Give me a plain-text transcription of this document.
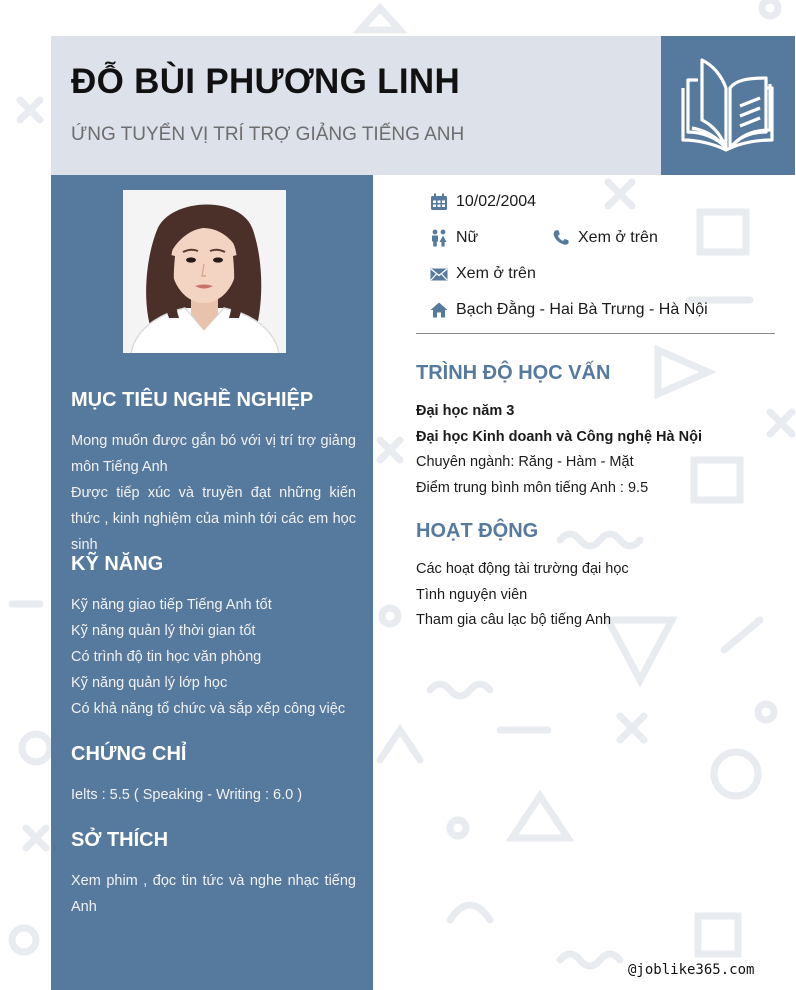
ĐỖ BÙI PHƯƠNG LINH
ỨNG TUYỂN VỊ TRÍ TRỢ GIẢNG TIẾNG ANH
MỤC TIÊU NGHỀ NGHIỆP

Mong muốn được gắn bó với vị trí trợ giảng môn Tiếng Anh

Được tiếp xúc và truyền đạt những kiến thức , kinh nghiệm của mình tới các em học sinh

KỸ NĂNG

Kỹ năng giao tiếp Tiếng Anh tốt

Kỹ năng quản lý thời gian tốt

Có trình độ tin học văn phòng

Kỹ năng quản lý lớp học

Có khả năng tổ chức và sắp xếp công việc

CHỨNG CHỈ

Ielts : 5.5 ( Speaking - Writing : 6.0 )

SỞ THÍCH

Xem phim , đọc tin tức và nghe nhạc tiếng Anh

10/02/2004
Nữ	Xem ở trên
Xem ở trên
Bạch Đằng - Hai Bà Trưng - Hà Nội
TRÌNH ĐỘ HỌC VẤN

Đại học năm 3

Đại học Kinh doanh và Công nghệ Hà Nội

Chuyên ngành: Răng - Hàm - Mặt

Điểm trung bình môn tiếng Anh : 9.5

HOẠT ĐỘNG

Các hoạt động tài trường đại học

Tình nguyện viên

Tham gia câu lạc bộ tiếng Anh

@joblike365.com
